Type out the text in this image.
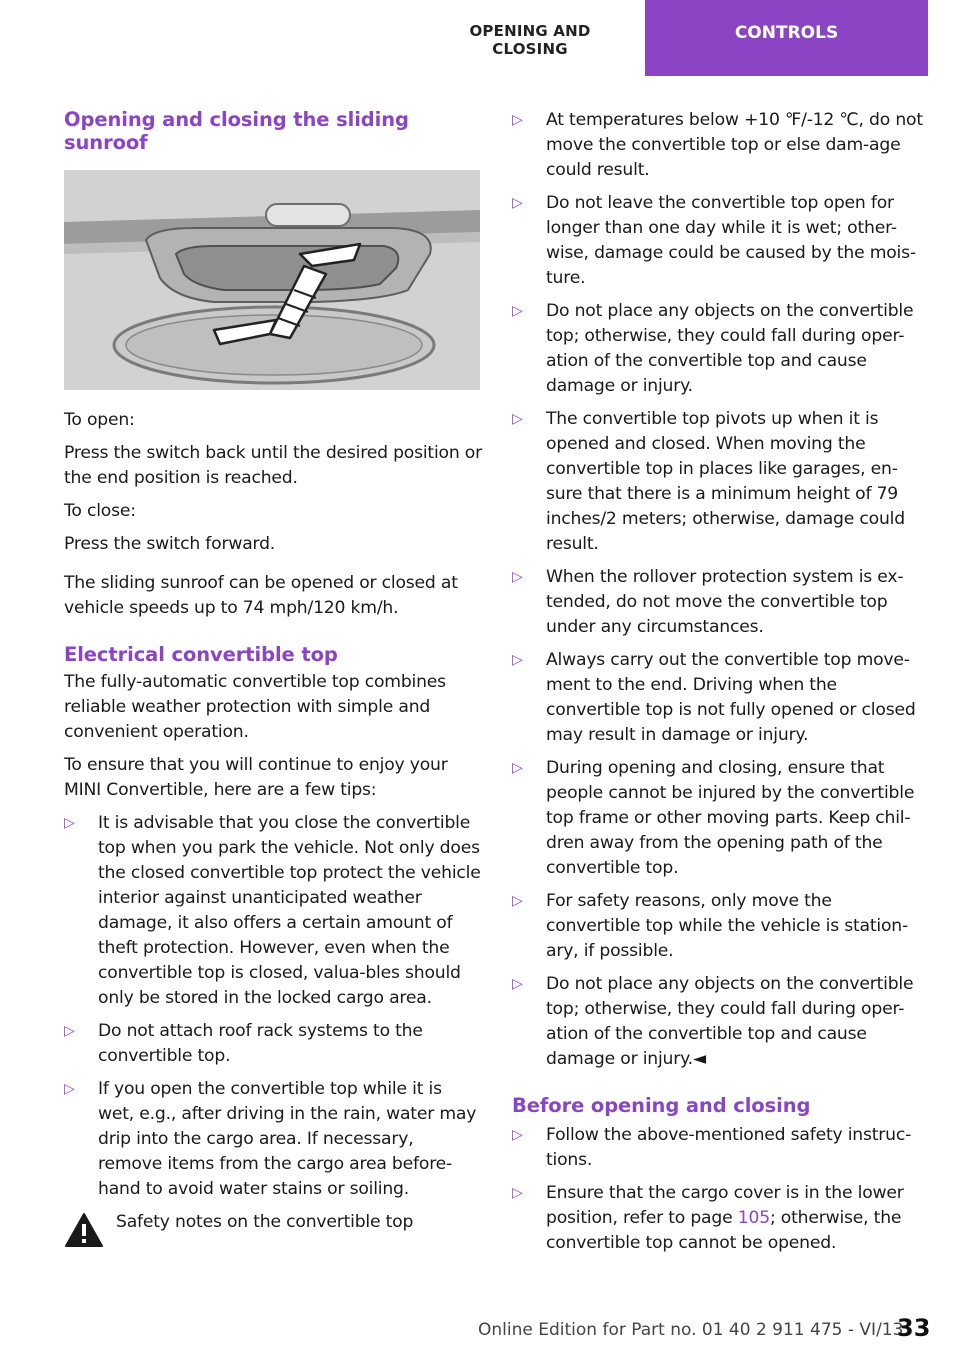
OPENING AND CLOSING
CONTROLS
Opening and closing the sliding sunroof

To open:

Press the switch back until the desired position or the end position is reached.

To close:

Press the switch forward.

The sliding sunroof can be opened or closed at vehicle speeds up to 74 mph/120 km/h.

Electrical convertible top

The fully-automatic convertible top combines reliable weather protection with simple and convenient operation.

To ensure that you will continue to enjoy your MINI Convertible, here are a few tips:

▷ It is advisable that you close the convertible top when you park the vehicle. Not only does the closed convertible top protect the vehicle interior against unanticipated weather damage, it also offers a certain amount of theft protection. However, even when the convertible top is closed, valua-bles should only be stored in the locked cargo area.
▷ Do not attach roof rack systems to the convertible top.
▷ If you open the convertible top while it is wet, e.g., after driving in the rain, water may drip into the cargo area. If necessary, remove items from the cargo area before-hand to avoid water stains or soiling.

Safety notes on the convertible top

▷ At temperatures below +10 ℉/-12 ℃, do not move the convertible top or else dam-age could result.
▷ Do not leave the convertible top open for longer than one day while it is wet; other-wise, damage could be caused by the mois-ture.
▷ Do not place any objects on the convertible top; otherwise, they could fall during oper-ation of the convertible top and cause damage or injury.
▷ The convertible top pivots up when it is opened and closed. When moving the convertible top in places like garages, en-sure that there is a minimum height of 79 inches/2 meters; otherwise, damage could result.
▷ When the rollover protection system is ex-tended, do not move the convertible top under any circumstances.
▷ Always carry out the convertible top move-ment to the end. Driving when the convertible top is not fully opened or closed may result in damage or injury.
▷ During opening and closing, ensure that people cannot be injured by the convertible top frame or other moving parts. Keep chil-dren away from the opening path of the convertible top.
▷ For safety reasons, only move the convertible top while the vehicle is station-ary, if possible.
▷ Do not place any objects on the convertible top; otherwise, they could fall during oper-ation of the convertible top and cause damage or injury.◄
Before opening and closing
▷ Follow the above-mentioned safety instruc-tions.
▷ Ensure that the cargo cover is in the lower position, refer to page 105; otherwise, the convertible top cannot be opened.
Online Edition for Part no. 01 40 2 911 475 - VI/13
33
